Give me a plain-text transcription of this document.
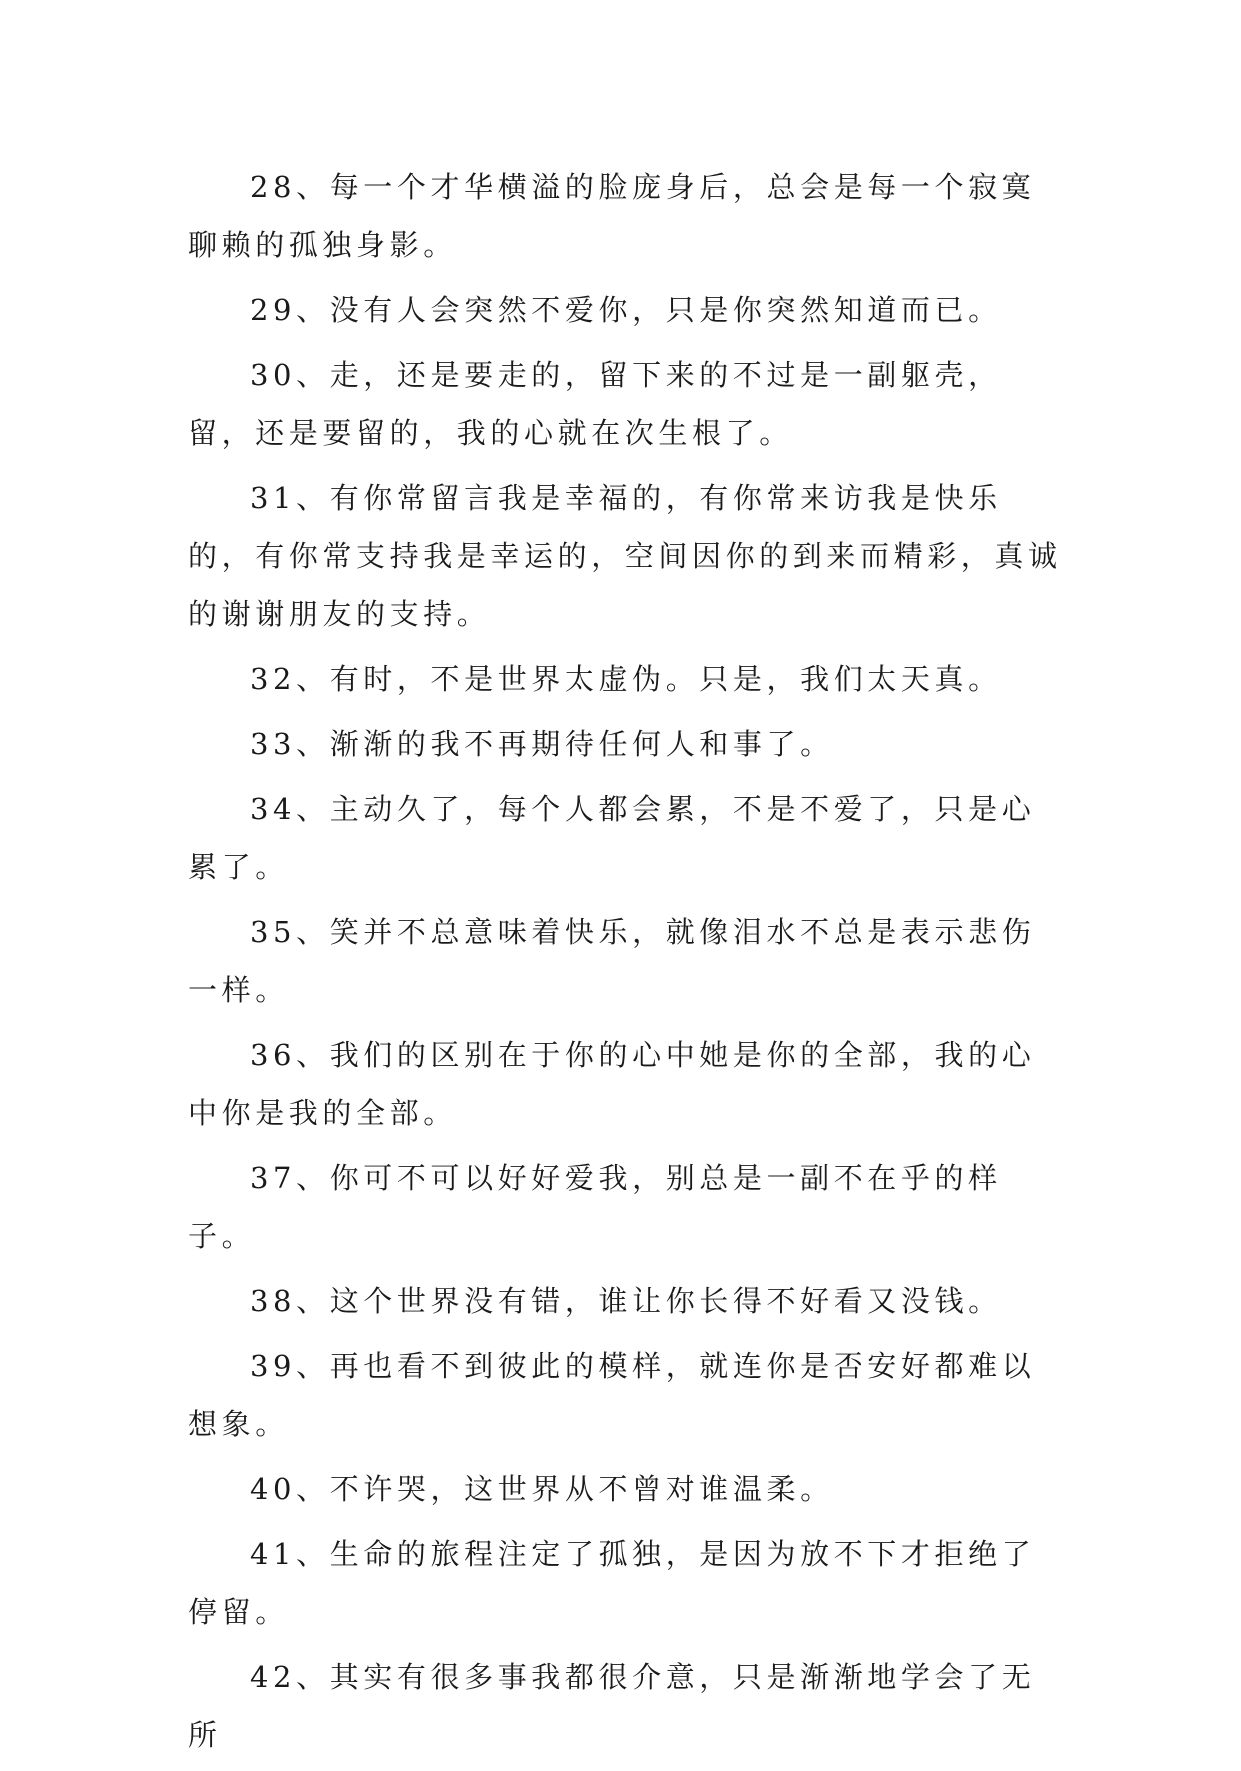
28、每一个才华横溢的脸庞身后，总会是每一个寂寞聊赖的孤独身影。

29、没有人会突然不爱你，只是你突然知道而已。

30、走，还是要走的，留下来的不过是一副躯壳，留，还是要留的，我的心就在次生根了。

31、有你常留言我是幸福的，有你常来访我是快乐的，有你常支持我是幸运的，空间因你的到来而精彩，真诚的谢谢朋友的支持。

32、有时，不是世界太虚伪。只是，我们太天真。

33、渐渐的我不再期待任何人和事了。

34、主动久了，每个人都会累，不是不爱了，只是心累了。

35、笑并不总意味着快乐，就像泪水不总是表示悲伤一样。

36、我们的区别在于你的心中她是你的全部，我的心中你是我的全部。

37、你可不可以好好爱我，别总是一副不在乎的样子。

38、这个世界没有错，谁让你长得不好看又没钱。

39、再也看不到彼此的模样，就连你是否安好都难以想象。

40、不许哭，这世界从不曾对谁温柔。

41、生命的旅程注定了孤独，是因为放不下才拒绝了停留。

42、其实有很多事我都很介意，只是渐渐地学会了无所
